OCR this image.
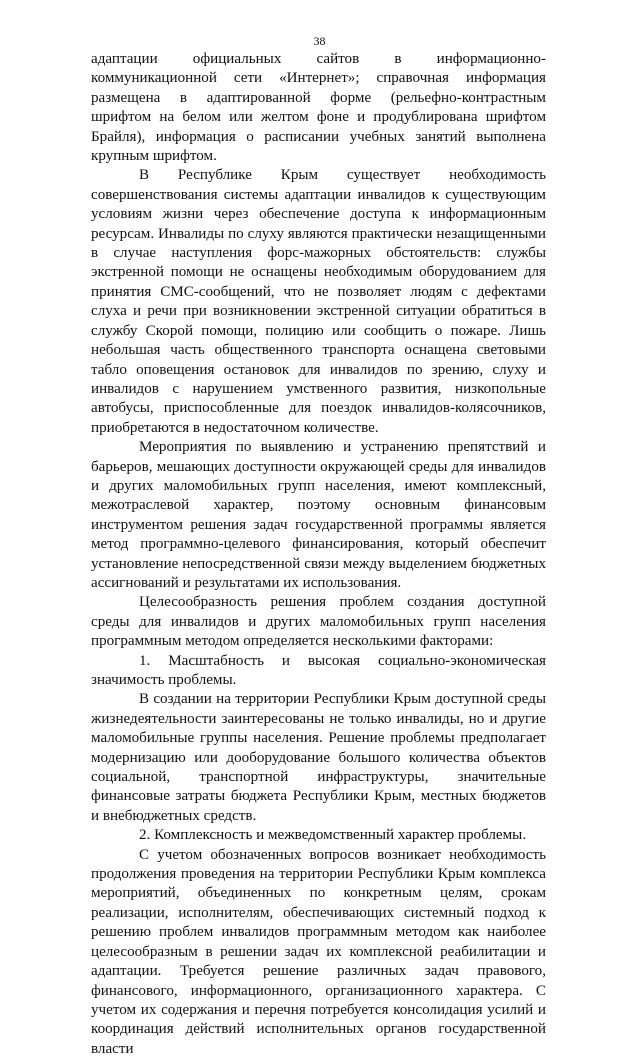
38

адаптации официальных сайтов в информационно-коммуникационной сети «Интернет»; справочная информация размещена в адаптированной форме (рельефно-контрастным шрифтом на белом или желтом фоне и продублирована шрифтом Брайля), информация о расписании учебных занятий выполнена крупным шрифтом.

В Республике Крым существует необходимость совершенствования системы адаптации инвалидов к существующим условиям жизни через обеспечение доступа к информационным ресурсам. Инвалиды по слуху являются практически незащищенными в случае наступления форс-мажорных обстоятельств: службы экстренной помощи не оснащены необходимым оборудованием для принятия СМС-сообщений, что не позволяет людям с дефектами слуха и речи при возникновении экстренной ситуации обратиться в службу Скорой помощи, полицию или сообщить о пожаре. Лишь небольшая часть общественного транспорта оснащена световыми табло оповещения остановок для инвалидов по зрению, слуху и инвалидов с нарушением умственного развития, низкопольные автобусы, приспособленные для поездок инвалидов-колясочников, приобретаются в недостаточном количестве.

Мероприятия по выявлению и устранению препятствий и барьеров, мешающих доступности окружающей среды для инвалидов и других маломобильных групп населения, имеют комплексный, межотраслевой характер, поэтому основным финансовым инструментом решения задач государственной программы является метод программно-целевого финансирования, который обеспечит установление непосредственной связи между выделением бюджетных ассигнований и результатами их использования.

Целесообразность решения проблем создания доступной среды для инвалидов и других маломобильных групп населения программным методом определяется несколькими факторами:

1. Масштабность и высокая социально-экономическая значимость проблемы.

В создании на территории Республики Крым доступной среды жизнедеятельности заинтересованы не только инвалиды, но и другие маломобильные группы населения. Решение проблемы предполагает модернизацию или дооборудование большого количества объектов социальной, транспортной инфраструктуры, значительные финансовые затраты бюджета Республики Крым, местных бюджетов и внебюджетных средств.

2. Комплексность и межведомственный характер проблемы.

С учетом обозначенных вопросов возникает необходимость продолжения проведения на территории Республики Крым комплекса мероприятий, объединенных по конкретным целям, срокам реализации, исполнителям, обеспечивающих системный подход к решению проблем инвалидов программным методом как наиболее целесообразным в решении задач их комплексной реабилитации и адаптации. Требуется решение различных задач правового, финансового, информационного, организационного характера. С учетом их содержания и перечня потребуется консолидация усилий и координация действий исполнительных органов государственной власти
